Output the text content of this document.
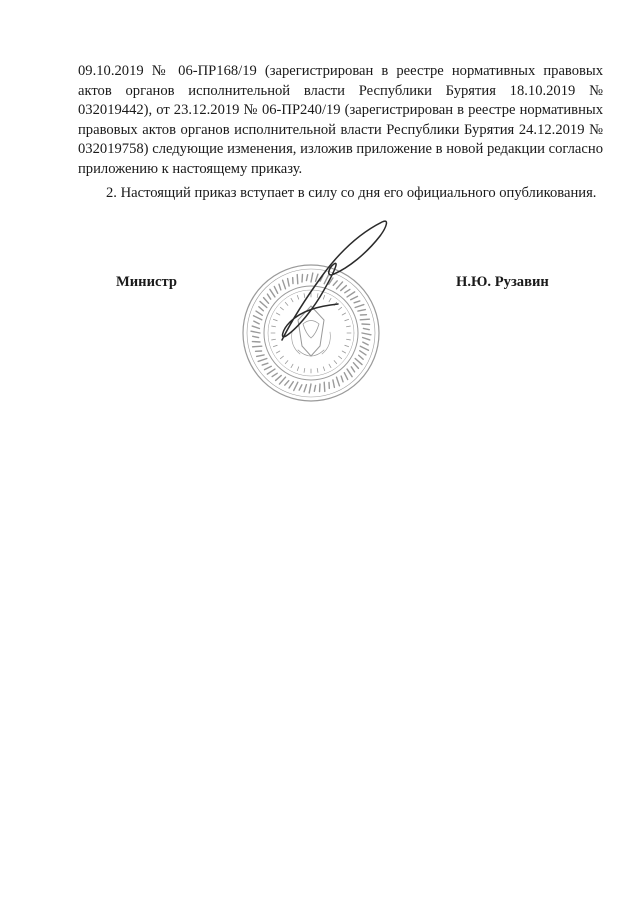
09.10.2019 № 06-ПР168/19 (зарегистрирован в реестре нормативных правовых актов органов исполнительной власти Республики Бурятия 18.10.2019 № 032019442), от 23.12.2019 № 06-ПР240/19 (зарегистрирован в реестре нормативных правовых актов органов исполнительной власти Республики Бурятия 24.12.2019 № 032019758) следующие изменения, изложив приложение в новой редакции согласно приложению к настоящему приказу.

2. Настоящий приказ вступает в силу со дня его официального опубликования.

Министр	Н.Ю. Рузавин
